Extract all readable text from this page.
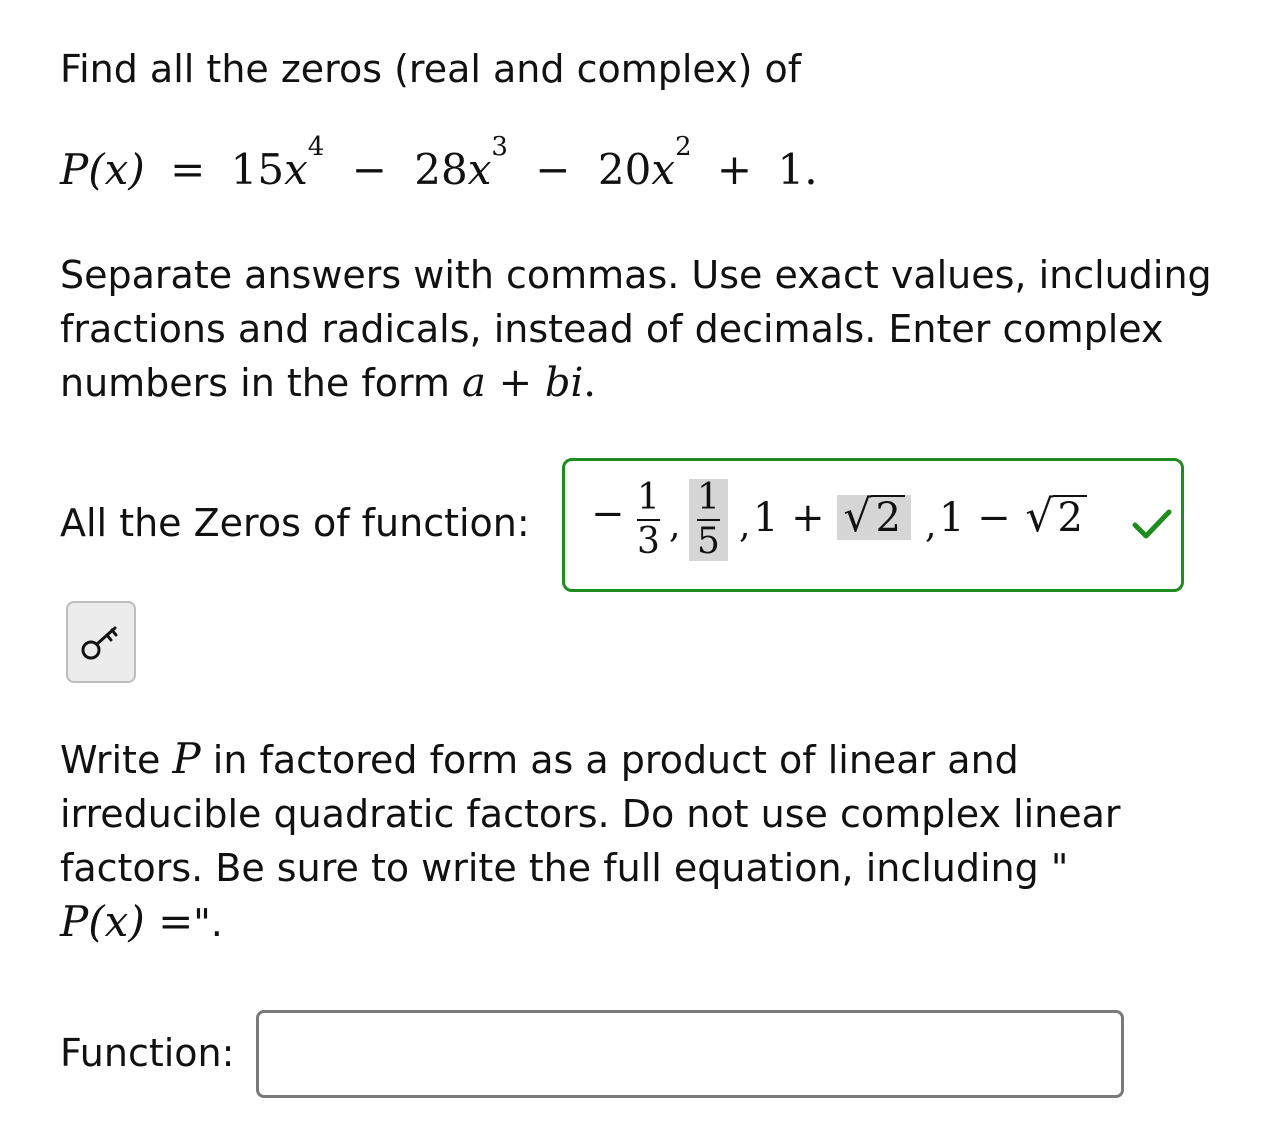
Find all the zeros (real and complex) of
$P(x) = 15x^4 - 28x^3 - 20x^2 + 1$.
Separate answers with commas. Use exact values, including
fractions and radicals, instead of decimals. Enter complex
numbers in the form a + bi.
All the Zeros of function: − 1
3 ,
1
5 , 1 + √ 2 , 1 − √ 2
Write P in factored form as a product of linear and
irreducible quadratic factors. Do not use complex linear
factors. Be sure to write the full equation, including "
P(x) =".
Function:
